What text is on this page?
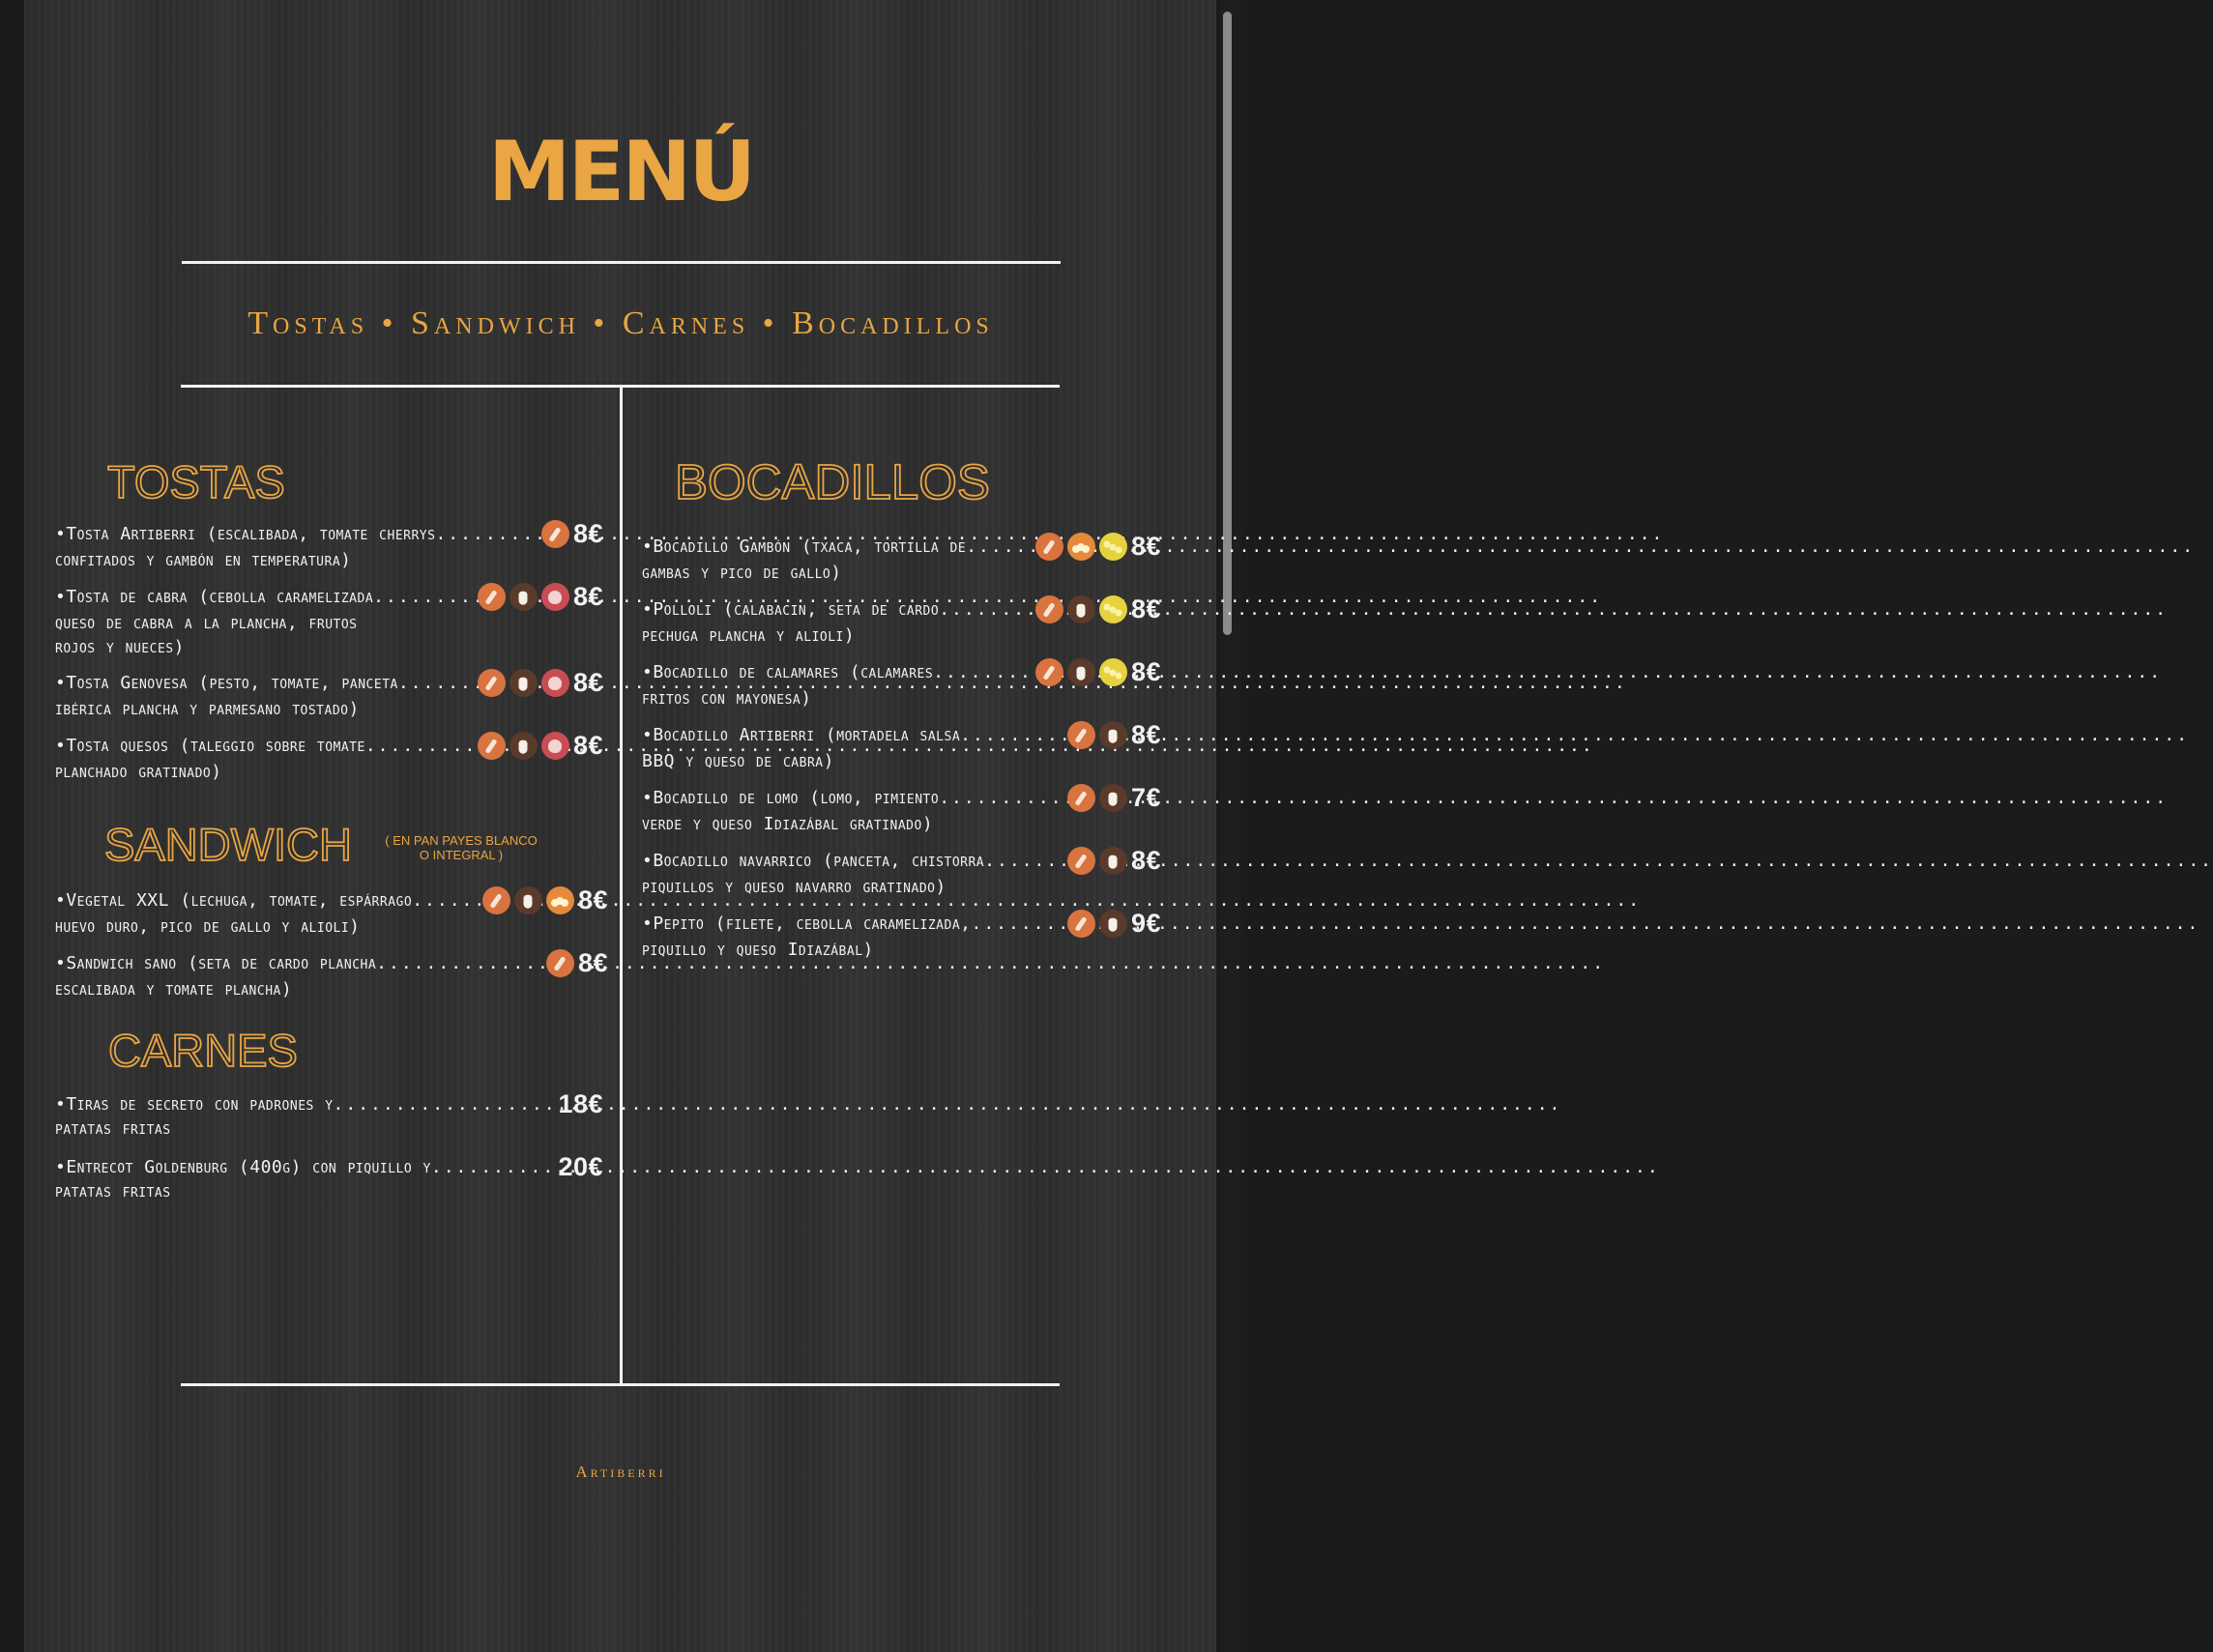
MENÚ
Tostas • Sandwich • Carnes • Bocadillos
TOSTAS
•Tosta Artiberri (escalibada, tomate cherrys .....	8€
confitados y gambón en temperatura)
•Tosta de cabra (cebolla caramelizada .....	8€
queso de cabra a la plancha, frutos
rojos y nueces)
•Tosta Genovesa (pesto, tomate, panceta .....	8€
ibérica plancha y parmesano tostado)
•Tosta quesos (taleggio sobre tomate .....	8€
planchado gratinado)
SANDWICH	( EN PAN PAYES BLANCO
O INTEGRAL )
•Vegetal XXL (lechuga, tomate, espárrago .....	8€
huevo duro, pico de gallo y alioli)
•Sandwich sano (seta de cardo plancha .....	8€
escalibada y tomate plancha)
CARNES
•Tiras de secreto con padrones y .....	18€
patatas fritas
•Entrecot Goldenburg (400g) con piquillo y .....	20€
patatas fritas
BOCADILLOS
•Bocadillo Gambón (txaca, tortilla de .....	8€
gambas y pico de gallo)
•Polloli (calabacin, seta de cardo .....	8€
pechuga plancha y alioli)
•Bocadillo de calamares (calamares .....	8€
fritos con mayonesa)
•Bocadillo Artiberri (mortadela salsa .....	8€
BBQ y queso de cabra)
•Bocadillo de lomo (lomo, pimiento .....	7€
verde y queso Idiazábal gratinado)
•Bocadillo navarrico (panceta, chistorra .....	8€
piquillos y queso navarro gratinado)
•Pepito (filete, cebolla caramelizada, .....	9€
piquillo y queso Idiazábal)
Artiberri
